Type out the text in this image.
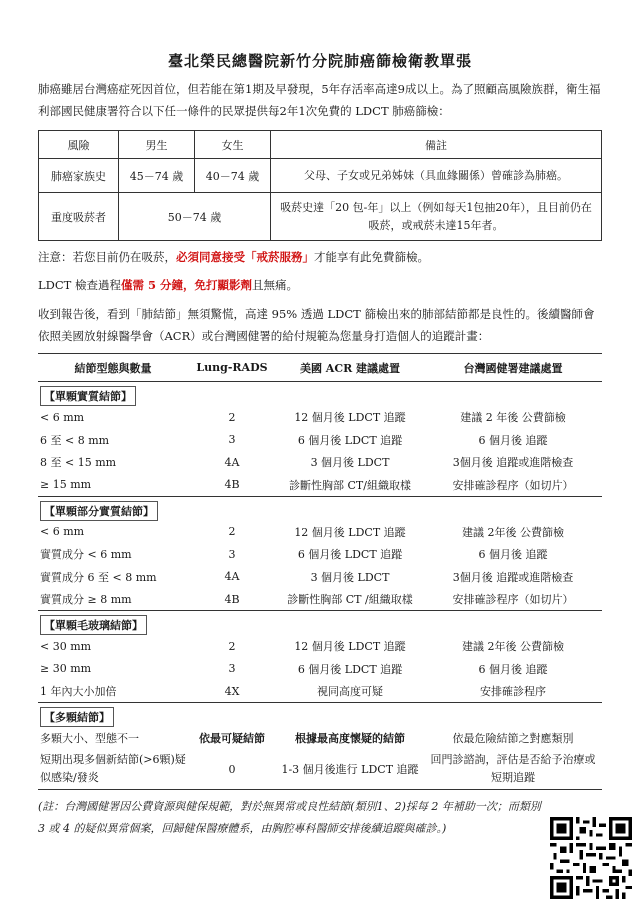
臺北榮民總醫院新竹分院肺癌篩檢衛教單張

肺癌雖居台灣癌症死因首位，但若能在第1期及早發現，5年存活率高達9成以上。為了照顧高風險族群，衛生福利部國民健康署符合以下任一條件的民眾提供每2年1次免費的 LDCT 肺癌篩檢：

風險	男生	女生	備註
肺癌家族史	45－74 歲	40－74 歲	父母、子女或兄弟姊妹（具血緣關係）曾確診為肺癌。
重度吸菸者	50－74 歲		吸菸史達「20 包-年」以上（例如每天1包抽20年），且目前仍在吸菸，或戒菸未達15年者。

注意：若您目前仍在吸菸，必須同意接受「戒菸服務」才能享有此免費篩檢。

LDCT 檢查過程僅需 5 分鐘，免打顯影劑且無痛。

收到報告後，看到「肺結節」無須驚慌，高達 95% 透過 LDCT 篩檢出來的肺部結節都是良性的。後續醫師會依照美國放射線醫學會（ACR）或台灣國健署的給付規範為您量身打造個人的追蹤計畫：

結節型態與數量	Lung-RADS	美國 ACR 建議處置	台灣國健署建議處置
【單顆實質結節】			
< 6 mm	2	12 個月後 LDCT 追蹤	建議 2 年後 公費篩檢
6 至 < 8 mm	3	6 個月後 LDCT 追蹤	6 個月後 追蹤
8 至 < 15 mm	4A	3 個月後 LDCT	3個月後 追蹤或進階檢查
≥ 15 mm	4B	診斷性胸部 CT/組織取樣	安排確診程序（如切片）
【單顆部分實質結節】			
< 6 mm	2	12 個月後 LDCT 追蹤	建議 2年後 公費篩檢
實質成分 < 6 mm	3	6 個月後 LDCT 追蹤	6 個月後 追蹤
實質成分 6 至 < 8 mm	4A	3 個月後 LDCT	3個月後 追蹤或進階檢查
實質成分 ≥ 8 mm	4B	診斷性胸部 CT /組織取樣	安排確診程序（如切片）
【單顆毛玻璃結節】			
< 30 mm	2	12 個月後 LDCT 追蹤	建議 2年後 公費篩檢
≥ 30 mm	3	6 個月後 LDCT 追蹤	6 個月後 追蹤
1 年內大小加倍	4X	視同高度可疑	安排確診程序
【多顆結節】			
多顆大小、型態不一	依最可疑結節	根據最高度懷疑的結節	依最危險結節之對應類別
短期出現多個新結節(>6顆)疑似感染/發炎	0	1-3 個月後進行 LDCT 追蹤	回門診諮詢，評估是否給予治療或短期追蹤

(註：台灣國健署因公費資源與健保規範，對於無異常或良性結節(類別1、2)採每 2 年補助一次；而類別 3 或 4 的疑似異常個案，回歸健保醫療體系，由胸腔專科醫師安排後續追蹤與確診。)
